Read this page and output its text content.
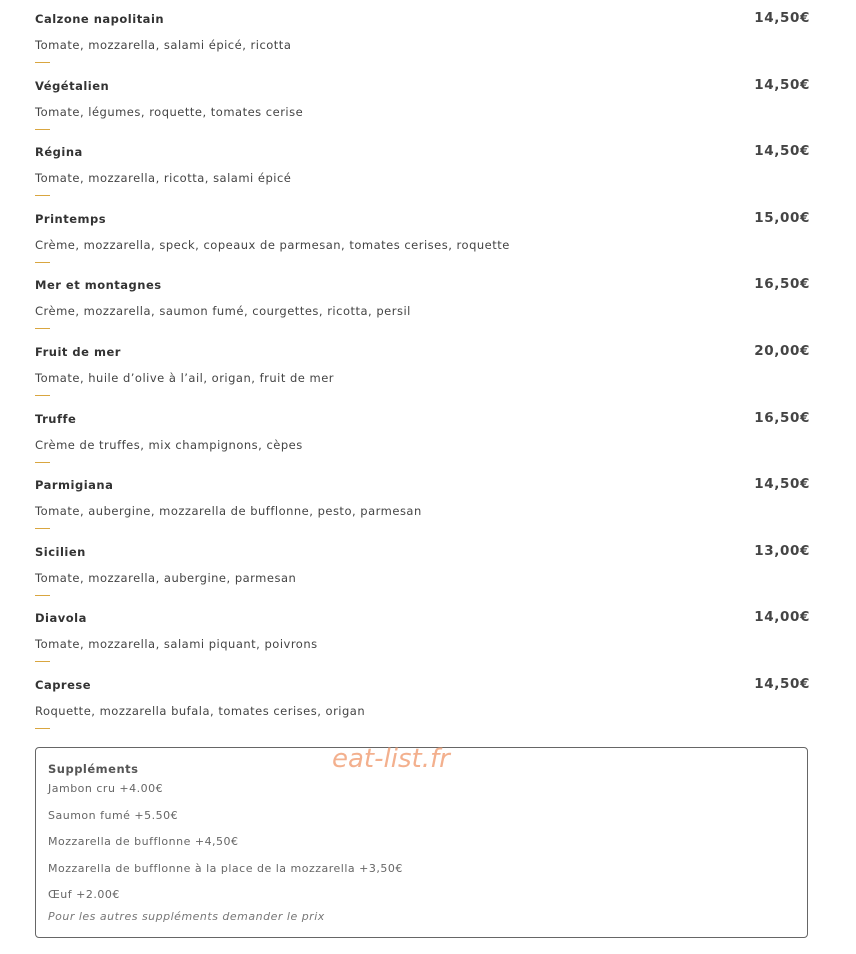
Calzone napolitain	14,50€
Tomate, mozzarella, salami épicé, ricotta
Végétalien	14,50€
Tomate, légumes, roquette, tomates cerise
Régina	14,50€
Tomate, mozzarella, ricotta, salami épicé
Printemps	15,00€
Crème, mozzarella, speck, copeaux de parmesan, tomates cerises, roquette
Mer et montagnes	16,50€
Crème, mozzarella, saumon fumé, courgettes, ricotta, persil
Fruit de mer	20,00€
Tomate, huile d’olive à l’ail, origan, fruit de mer
Truffe	16,50€
Crème de truffes, mix champignons, cèpes
Parmigiana	14,50€
Tomate, aubergine, mozzarella de bufflonne, pesto, parmesan
Sicilien	13,00€
Tomate, mozzarella, aubergine, parmesan
Diavola	14,00€
Tomate, mozzarella, salami piquant, poivrons
Caprese	14,50€
Roquette, mozzarella bufala, tomates cerises, origan
Suppléments
Jambon cru +4.00€
Saumon fumé +5.50€
Mozzarella de bufflonne +4,50€
Mozzarella de bufflonne à la place de la mozzarella +3,50€
Œuf +2.00€
Pour les autres suppléments demander le prix
eat-list.fr
